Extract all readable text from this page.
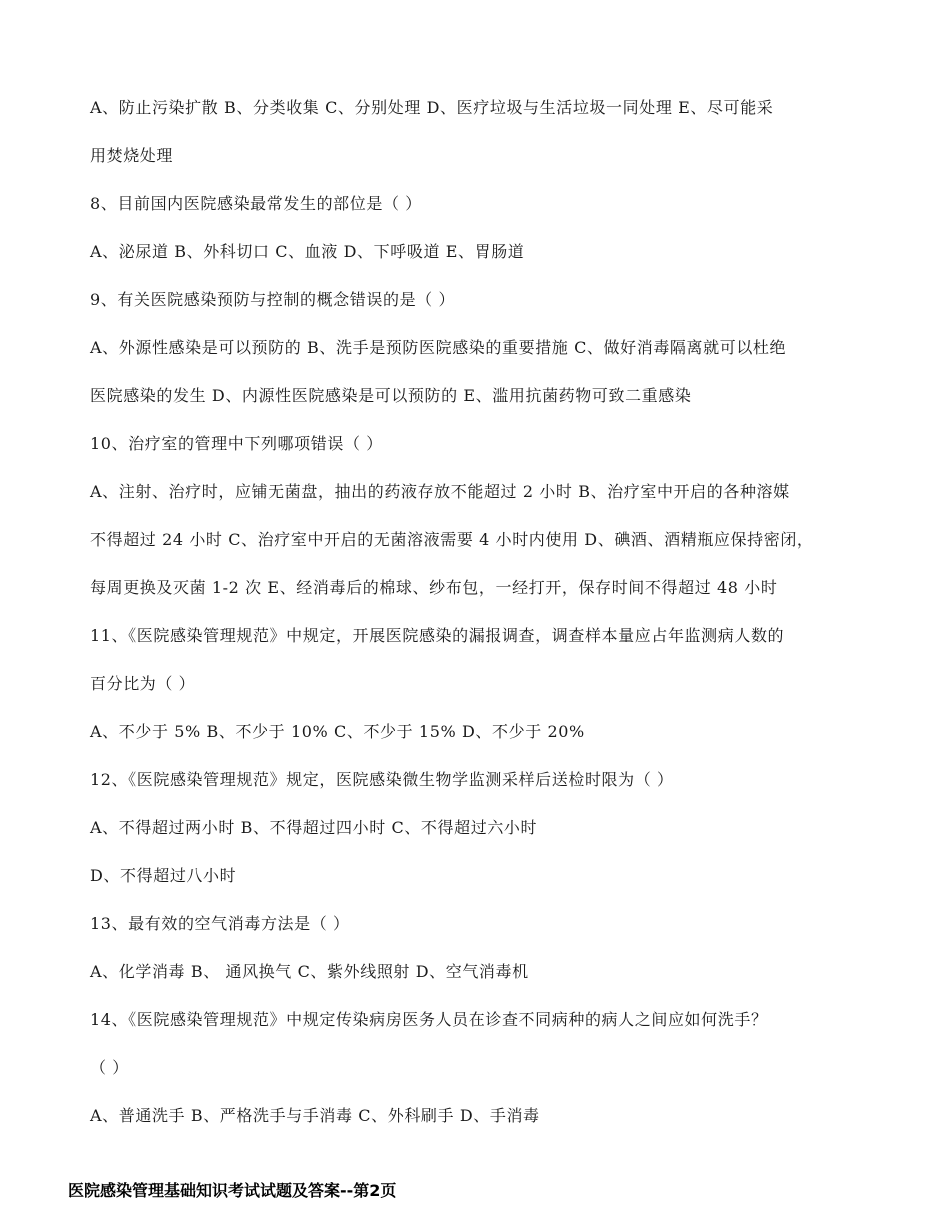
A、防止污染扩散 B、分类收集 C、分别处理 D、医疗垃圾与生活垃圾一同处理 E、尽可能采
用焚烧处理
8、目前国内医院感染最常发生的部位是（ ）
A、泌尿道 B、外科切口 C、血液 D、下呼吸道 E、胃肠道
9、有关医院感染预防与控制的概念错误的是（ ）
A、外源性感染是可以预防的 B、洗手是预防医院感染的重要措施 C、做好消毒隔离就可以杜绝
医院感染的发生 D、内源性医院感染是可以预防的 E、滥用抗菌药物可致二重感染
10、治疗室的管理中下列哪项错误（ ）
A、注射、治疗时，应铺无菌盘，抽出的药液存放不能超过 2 小时 B、治疗室中开启的各种溶媒
不得超过 24 小时 C、治疗室中开启的无菌溶液需要 4 小时内使用 D、碘酒、酒精瓶应保持密闭，
每周更换及灭菌 1-2 次 E、经消毒后的棉球、纱布包，一经打开，保存时间不得超过 48 小时
11、《医院感染管理规范》中规定，开展医院感染的漏报调查，调查样本量应占年监测病人数的
百分比为（ ）
A、不少于 5% B、不少于 10% C、不少于 15% D、不少于 20%
12、《医院感染管理规范》规定，医院感染微生物学监测采样后送检时限为（ ）
A、不得超过两小时 B、不得超过四小时 C、不得超过六小时
D、不得超过八小时
13、最有效的空气消毒方法是（ ）
A、化学消毒 B、 通风换气 C、紫外线照射 D、空气消毒机
14、《医院感染管理规范》中规定传染病房医务人员在诊查不同病种的病人之间应如何洗手？
（ ）
A、普通洗手 B、严格洗手与手消毒 C、外科刷手 D、手消毒
医院感染管理基础知识考试试题及答案--第2页
